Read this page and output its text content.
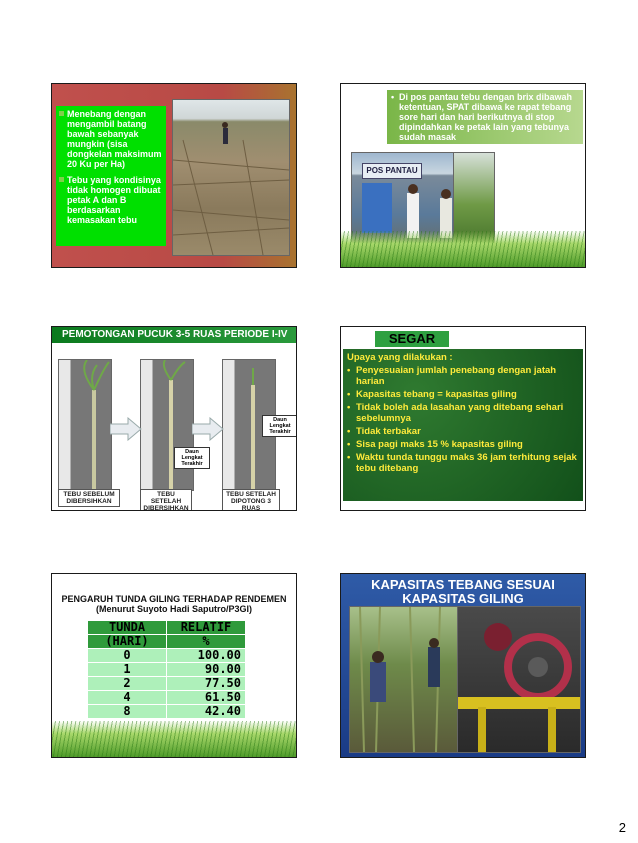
Menebang dengan mengambil batang bawah sebanyak mungkin (sisa dongkelan maksimum 20 Ku per Ha)

Tebu yang kondisinya tidak homogen dibuat petak A dan B berdasarkan kemasakan tebu

• Di pos pantau tebu dengan brix dibawah ketentuan, SPAT dibawa ke rapat tebang sore hari dan hari berikutnya di stop dipindahkan ke petak lain yang tebunya sudah masak
POS PANTAU
PEMOTONGAN PUCUK 3-5 RUAS PERIODE I-IV
Daun Lengkat Terakhir
Daun Lengkat Terakhir
TEBU SEBELUM DIBERSIHKAN
TEBU SETELAH DIBERSIHKAN
TEBU SETELAH DIPOTONG 3 RUAS
SEGAR
Upaya yang dilakukan :
• Penyesuaian jumlah penebang dengan jatah harian
• Kapasitas tebang = kapasitas giling
• Tidak boleh ada lasahan yang ditebang sehari sebelumnya
• Tidak terbakar
• Sisa pagi maks 15 % kapasitas giling
• Waktu tunda tunggu maks 36 jam terhitung sejak tebu ditebang
PENGARUH TUNDA GILING TERHADAP RENDEMEN (Menurut Suyoto Hadi Saputro/P3GI)
TUNDA	RELATIF
(HARI)	%
0	100.00
1	90.00
2	77.50
4	61.50
8	42.40
KAPASITAS TEBANG SESUAI KAPASITAS GILING
2
